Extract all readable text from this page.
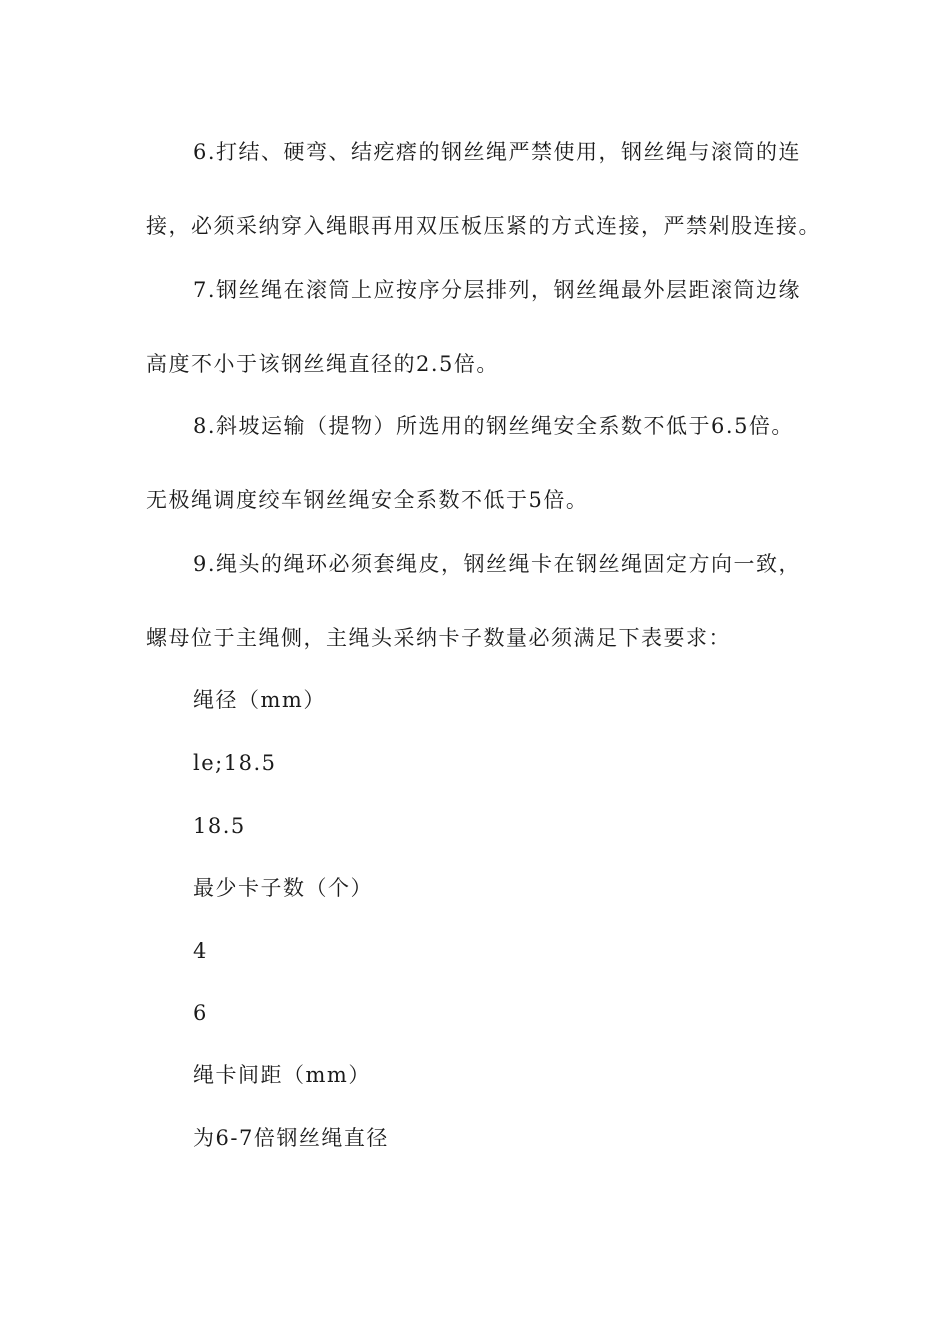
6.打结、硬弯、结疙瘩的钢丝绳严禁使用，钢丝绳与滚筒的连
接，必须采纳穿入绳眼再用双压板压紧的方式连接，严禁剁股连接。
7.钢丝绳在滚筒上应按序分层排列，钢丝绳最外层距滚筒边缘
高度不小于该钢丝绳直径的2.5倍。
8.斜坡运输（提物）所选用的钢丝绳安全系数不低于6.5倍。
无极绳调度绞车钢丝绳安全系数不低于5倍。
9.绳头的绳环必须套绳皮，钢丝绳卡在钢丝绳固定方向一致，
螺母位于主绳侧，主绳头采纳卡子数量必须满足下表要求：
绳径（mm）
le;18.5
18.5
最少卡子数（个）
4
6
绳卡间距（mm）
为6-7倍钢丝绳直径
